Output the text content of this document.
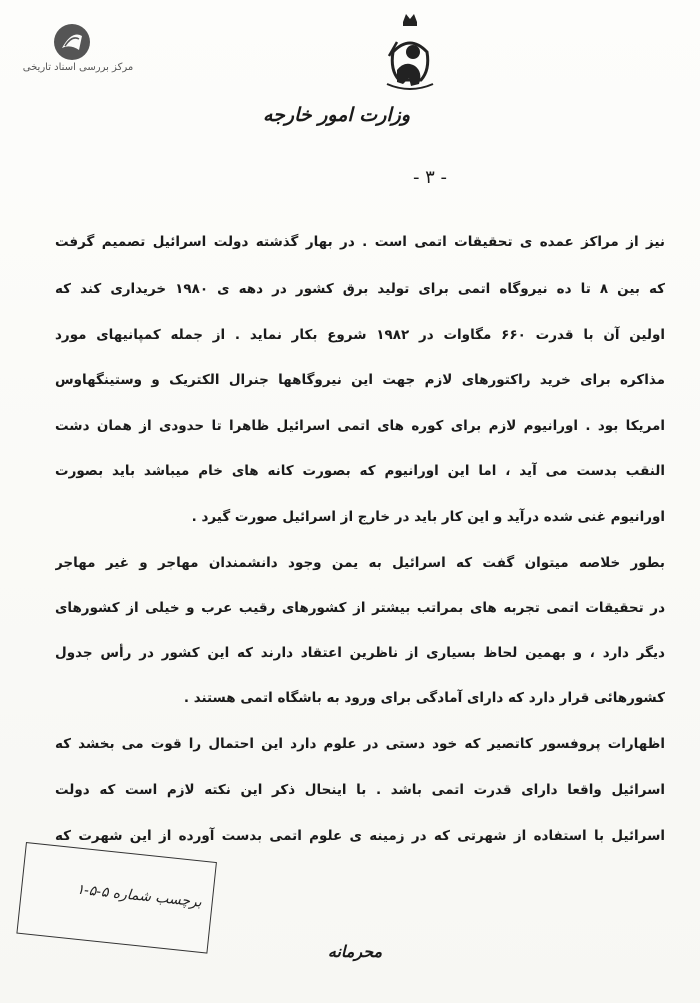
مرکز بررسی اسناد تاریخی
وزارت امور خارجه
- ۳ -
نیز از مراکز عمده ی تحقیقات اتمی است . در بهار گذشته دولت اسرائیل تصمیم گرفت
که بین ۸ تا ده نیروگاه اتمی برای تولید برق کشور در دهه ی ۱۹۸۰ خریداری کند که
اولین آن با قدرت ۶۶۰ مگاوات در ۱۹۸۲ شروع بکار نماید . از جمله کمپانیهای مورد
مذاکره برای خرید راکتورهای لازم جهت این نیروگاهها جنرال الکتریک و وستینگهاوس
امریکا بود . اورانیوم لازم برای کوره های اتمی اسرائیل ظاهرا تا حدودی از همان دشت
النقب بدست می آید ، اما این اورانیوم که بصورت کانه های خام میباشد باید بصورت
اورانیوم غنی شده درآید و این کار باید در خارج از اسرائیل صورت گیرد .
بطور خلاصه میتوان گفت که اسرائیل به یمن وجود دانشمندان مهاجر و غیر مهاجر
در تحقیقات اتمی تجربه های بمراتب بیشتر از کشورهای رقیب عرب و خیلی از کشورهای
دیگر دارد ، و بهمین لحاظ بسیاری از ناظرین اعتقاد دارند که این کشور در رأس جدول
کشورهائی قرار دارد که دارای آمادگی برای ورود به باشگاه اتمی هستند .
اظهارات پروفسور کاتصیر که خود دستی در علوم دارد این احتمال را قوت می بخشد که
اسرائیل واقعا دارای قدرت اتمی باشد . با اینحال ذکر این نکته لازم است که دولت
اسرائیل با استفاده از شهرتی که در زمینه ی علوم اتمی بدست آورده از این شهرت که
برچسب شماره ۵-۵-۱
محرمانه
